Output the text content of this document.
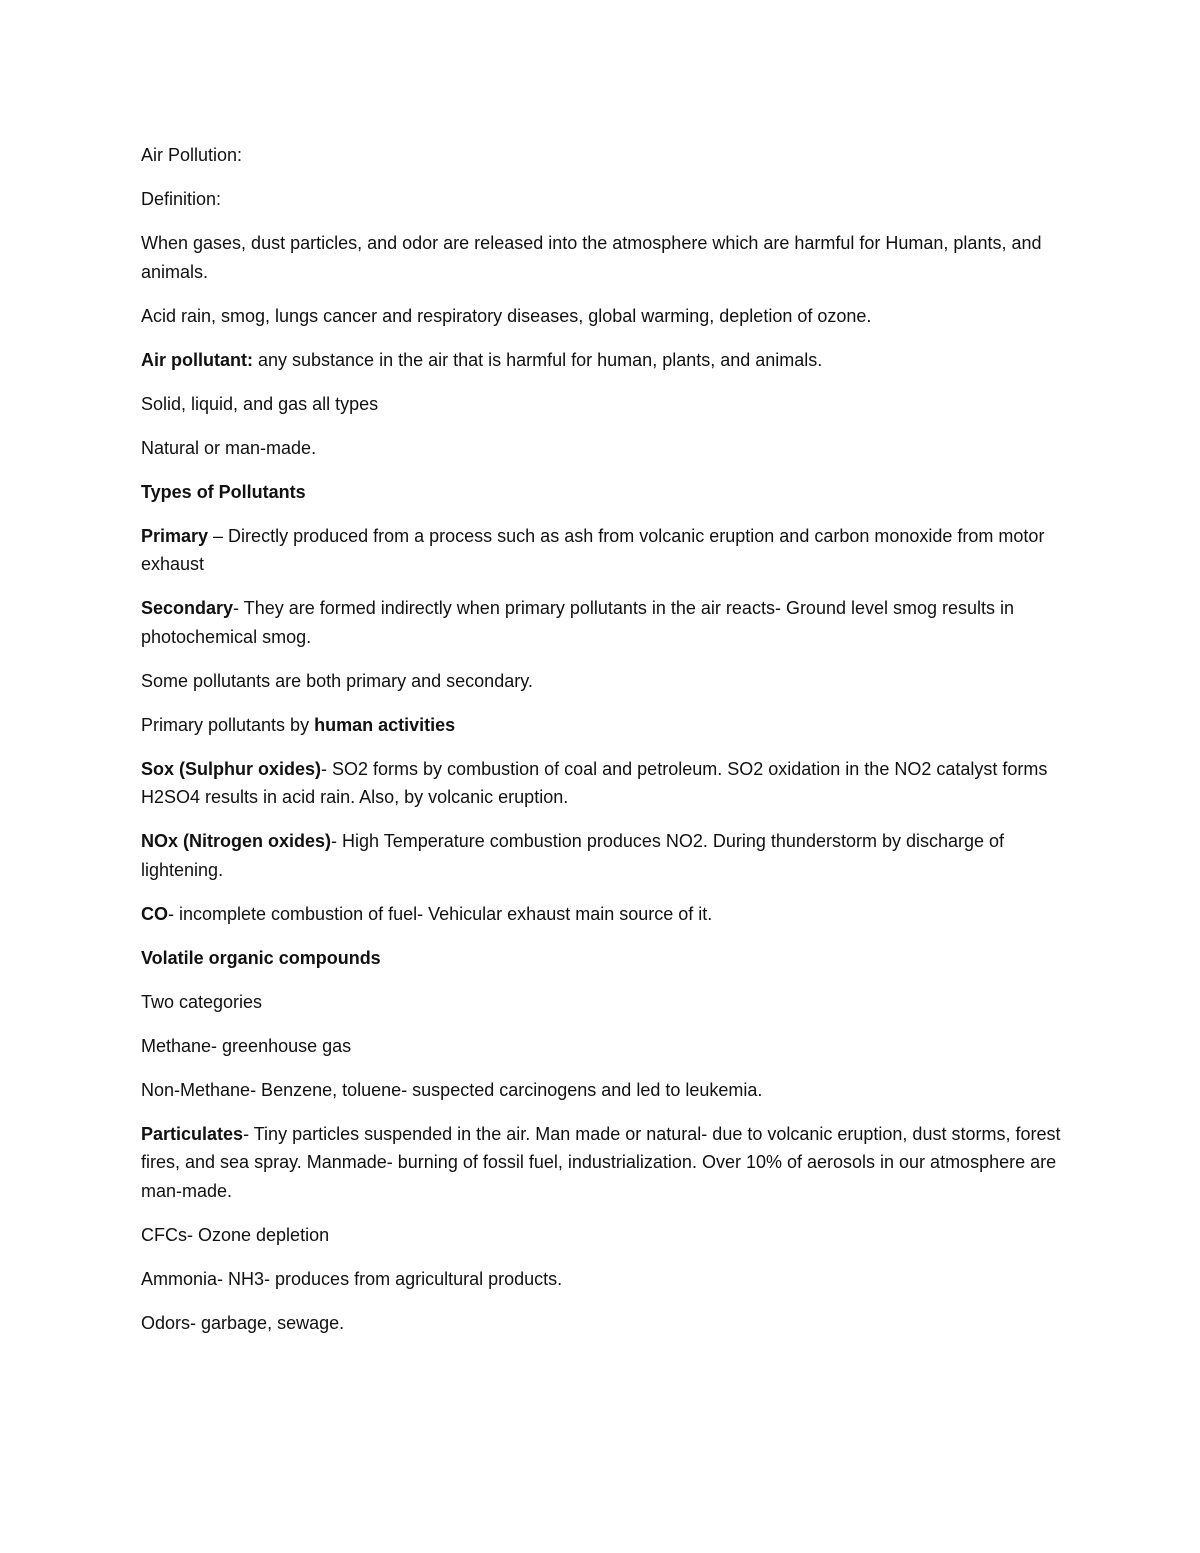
Air Pollution:

Definition:

When gases, dust particles, and odor are released into the atmosphere which are harmful for Human, plants, and animals.

Acid rain, smog, lungs cancer and respiratory diseases, global warming, depletion of ozone.

Air pollutant: any substance in the air that is harmful for human, plants, and animals.

Solid, liquid, and gas all types

Natural or man-made.

Types of Pollutants

Primary – Directly produced from a process such as ash from volcanic eruption and carbon monoxide from motor exhaust

Secondary- They are formed indirectly when primary pollutants in the air reacts- Ground level smog results in photochemical smog.

Some pollutants are both primary and secondary.

Primary pollutants by human activities

Sox (Sulphur oxides)- SO2 forms by combustion of coal and petroleum. SO2 oxidation in the NO2 catalyst forms H2SO4 results in acid rain. Also, by volcanic eruption.

NOx (Nitrogen oxides)- High Temperature combustion produces NO2. During thunderstorm by discharge of lightening.

CO- incomplete combustion of fuel- Vehicular exhaust main source of it.

Volatile organic compounds

Two categories

Methane- greenhouse gas

Non-Methane- Benzene, toluene- suspected carcinogens and led to leukemia.

Particulates- Tiny particles suspended in the air. Man made or natural- due to volcanic eruption, dust storms, forest fires, and sea spray. Manmade- burning of fossil fuel, industrialization. Over 10% of aerosols in our atmosphere are man-made.

CFCs- Ozone depletion

Ammonia- NH3- produces from agricultural products.

Odors- garbage, sewage.
